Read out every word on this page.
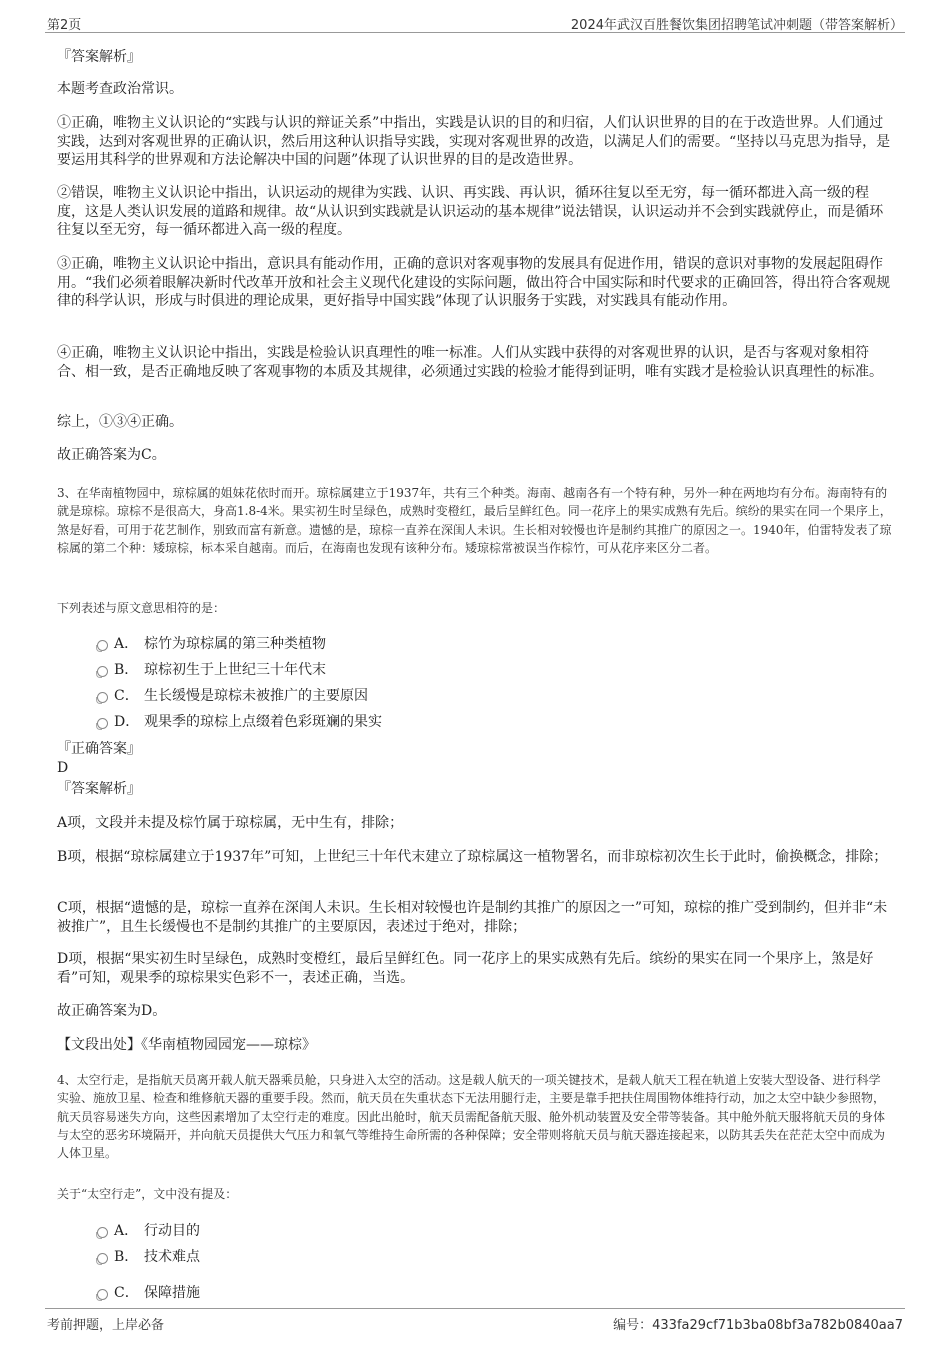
第2页	2024年武汉百胜餐饮集团招聘笔试冲刺题（带答案解析）

『答案解析』

本题考查政治常识。

①正确，唯物主义认识论的“实践与认识的辩证关系”中指出，实践是认识的目的和归宿，人们认识世界的目的在于改造世界。人们通过实践，达到对客观世界的正确认识，然后用这种认识指导实践，实现对客观世界的改造，以满足人们的需要。“坚持以马克思为指导，是要运用其科学的世界观和方法论解决中国的问题”体现了认识世界的目的是改造世界。

②错误，唯物主义认识论中指出，认识运动的规律为实践、认识、再实践、再认识，循环往复以至无穷，每一循环都进入高一级的程度，这是人类认识发展的道路和规律。故“从认识到实践就是认识运动的基本规律”说法错误，认识运动并不会到实践就停止，而是循环往复以至无穷，每一循环都进入高一级的程度。

③正确，唯物主义认识论中指出，意识具有能动作用，正确的意识对客观事物的发展具有促进作用，错误的意识对事物的发展起阻碍作用。“我们必须着眼解决新时代改革开放和社会主义现代化建设的实际问题，做出符合中国实际和时代要求的正确回答，得出符合客观规律的科学认识，形成与时俱进的理论成果，更好指导中国实践”体现了认识服务于实践，对实践具有能动作用。

④正确，唯物主义认识论中指出，实践是检验认识真理性的唯一标准。人们从实践中获得的对客观世界的认识，是否与客观对象相符合、相一致，是否正确地反映了客观事物的本质及其规律，必须通过实践的检验才能得到证明，唯有实践才是检验认识真理性的标准。

综上，①③④正确。

故正确答案为C。

3、在华南植物园中，琼棕属的姐妹花依时而开。琼棕属建立于1937年，共有三个种类。海南、越南各有一个特有种，另外一种在两地均有分布。海南特有的就是琼棕。琼棕不是很高大，身高1.8-4米。果实初生时呈绿色，成熟时变橙红，最后呈鲜红色。同一花序上的果实成熟有先后。缤纷的果实在同一个果序上，煞是好看，可用于花艺制作，别致而富有新意。遗憾的是，琼棕一直养在深闺人未识。生长相对较慢也许是制约其推广的原因之一。1940年，伯雷特发表了琼棕属的第二个种：矮琼棕，标本采自越南。而后，在海南也发现有该种分布。矮琼棕常被误当作棕竹，可从花序来区分二者。

下列表述与原文意思相符的是：

A． 棕竹为琼棕属的第三种类植物
B． 琼棕初生于上世纪三十年代末
C． 生长缓慢是琼棕未被推广的主要原因
D． 观果季的琼棕上点缀着色彩斑斓的果实

『正确答案』

D

『答案解析』

A项，文段并未提及棕竹属于琼棕属，无中生有，排除；

B项，根据“琼棕属建立于1937年”可知，上世纪三十年代末建立了琼棕属这一植物署名，而非琼棕初次生长于此时，偷换概念，排除；

C项，根据“遗憾的是，琼棕一直养在深闺人未识。生长相对较慢也许是制约其推广的原因之一”可知，琼棕的推广受到制约，但并非“未被推广”，且生长缓慢也不是制约其推广的主要原因，表述过于绝对，排除；

D项，根据“果实初生时呈绿色，成熟时变橙红，最后呈鲜红色。同一花序上的果实成熟有先后。缤纷的果实在同一个果序上，煞是好看”可知，观果季的琼棕果实色彩不一，表述正确，当选。

故正确答案为D。

【文段出处】《华南植物园园宠——琼棕》

4、太空行走，是指航天员离开载人航天器乘员舱，只身进入太空的活动。这是载人航天的一项关键技术，是载人航天工程在轨道上安装大型设备、进行科学实验、施放卫星、检查和维修航天器的重要手段。然而，航天员在失重状态下无法用腿行走，主要是靠手把扶住周围物体维持行动，加之太空中缺少参照物，航天员容易迷失方向，这些因素增加了太空行走的难度。因此出舱时，航天员需配备航天服、舱外机动装置及安全带等装备。其中舱外航天服将航天员的身体与太空的恶劣环境隔开，并向航天员提供大气压力和氧气等维持生命所需的各种保障；安全带则将航天员与航天器连接起来，以防其丢失在茫茫太空中而成为人体卫星。

关于“太空行走”，文中没有提及：

A． 行动目的
B． 技术难点
C． 保障措施
考前押题，上岸必备	编号：433fa29cf71b3ba08bf3a782b0840aa7
